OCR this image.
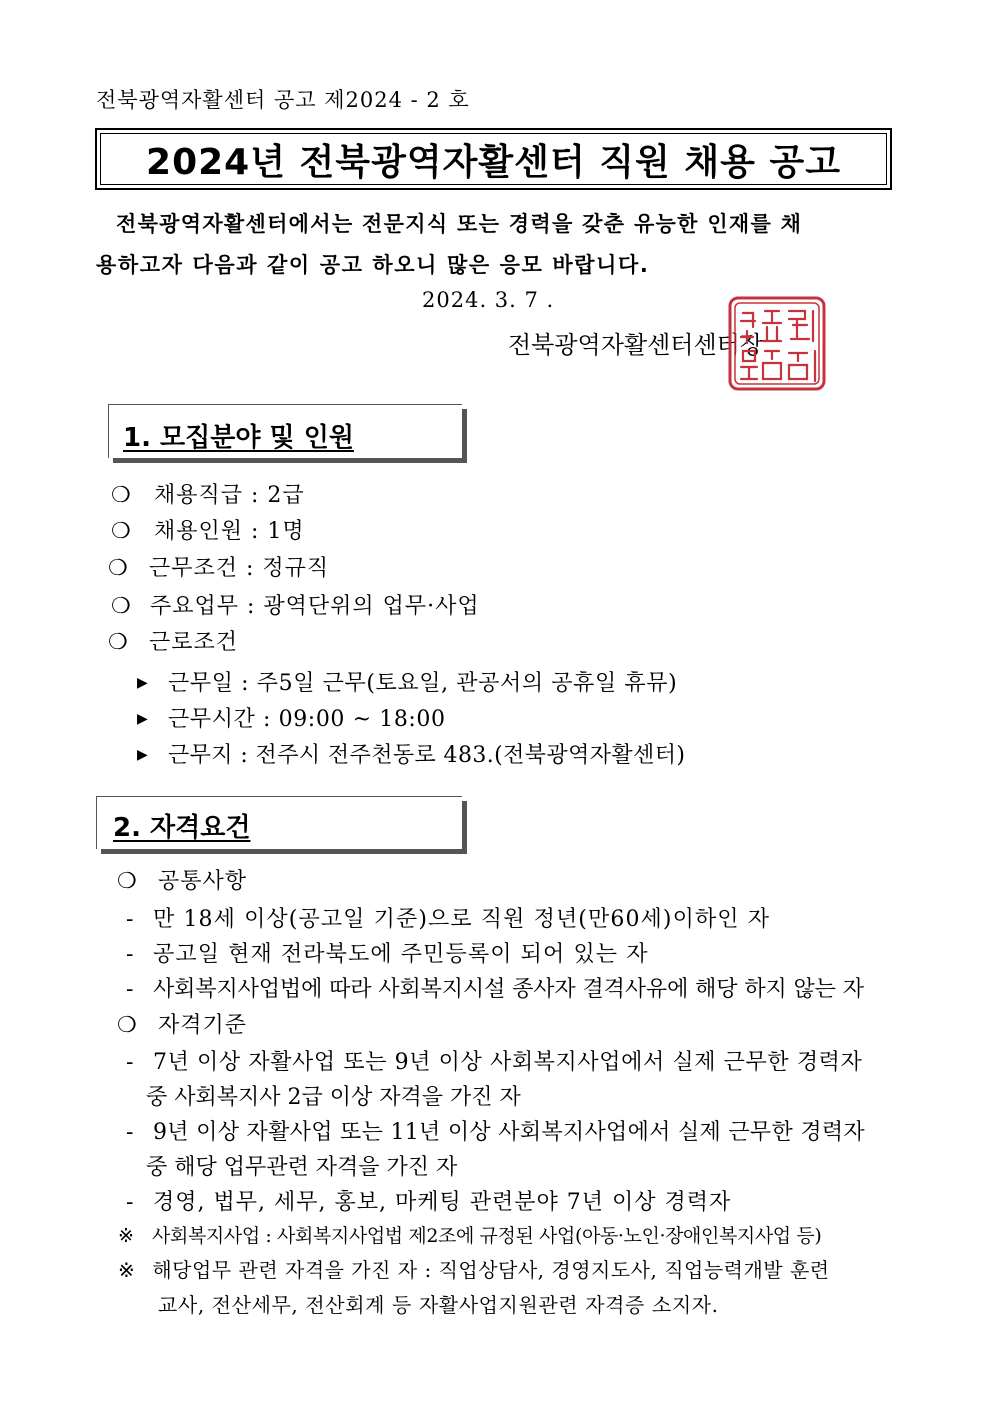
전북광역자활센터 공고 제2024 - 2 호
2024년 전북광역자활센터 직원 채용 공고
전북광역자활센터에서는 전문지식 또는 경력을 갖춘 유능한 인재를 채
용하고자 다음과 같이 공고 하오니 많은 응모 바랍니다.
2024. 3. 7 .
전북광역자활센터센터장
1. 모집분야 및 인원
❍ 채용직급 : 2급
❍ 채용인원 : 1명
❍ 근무조건 : 정규직
❍ 주요업무 : 광역단위의 업무·사업
❍ 근로조건
▶ 근무일 : 주5일 근무(토요일, 관공서의 공휴일 휴뮤)
▶ 근무시간 : 09:00 ~ 18:00
▶ 근무지 : 전주시 전주천동로 483.(전북광역자활센터)
2. 자격요건
❍ 공통사항
- 만 18세 이상(공고일 기준)으로 직원 정년(만60세)이하인 자
- 공고일 현재 전라북도에 주민등록이 되어 있는 자
- 사회복지사업법에 따라 사회복지시설 종사자 결격사유에 해당 하지 않는 자
❍ 자격기준
- 7년 이상 자활사업 또는 9년 이상 사회복지사업에서 실제 근무한 경력자
중 사회복지사 2급 이상 자격을 가진 자
- 9년 이상 자활사업 또는 11년 이상 사회복지사업에서 실제 근무한 경력자
중 해당 업무관련 자격을 가진 자
- 경영, 법무, 세무, 홍보, 마케팅 관련분야 7년 이상 경력자
※ 사회복지사업 : 사회복지사업법 제2조에 규정된 사업(아동·노인·장애인복지사업 등)
※ 해당업무 관련 자격을 가진 자 : 직업상담사, 경영지도사, 직업능력개발 훈련
교사, 전산세무, 전산회계 등 자활사업지원관련 자격증 소지자.
